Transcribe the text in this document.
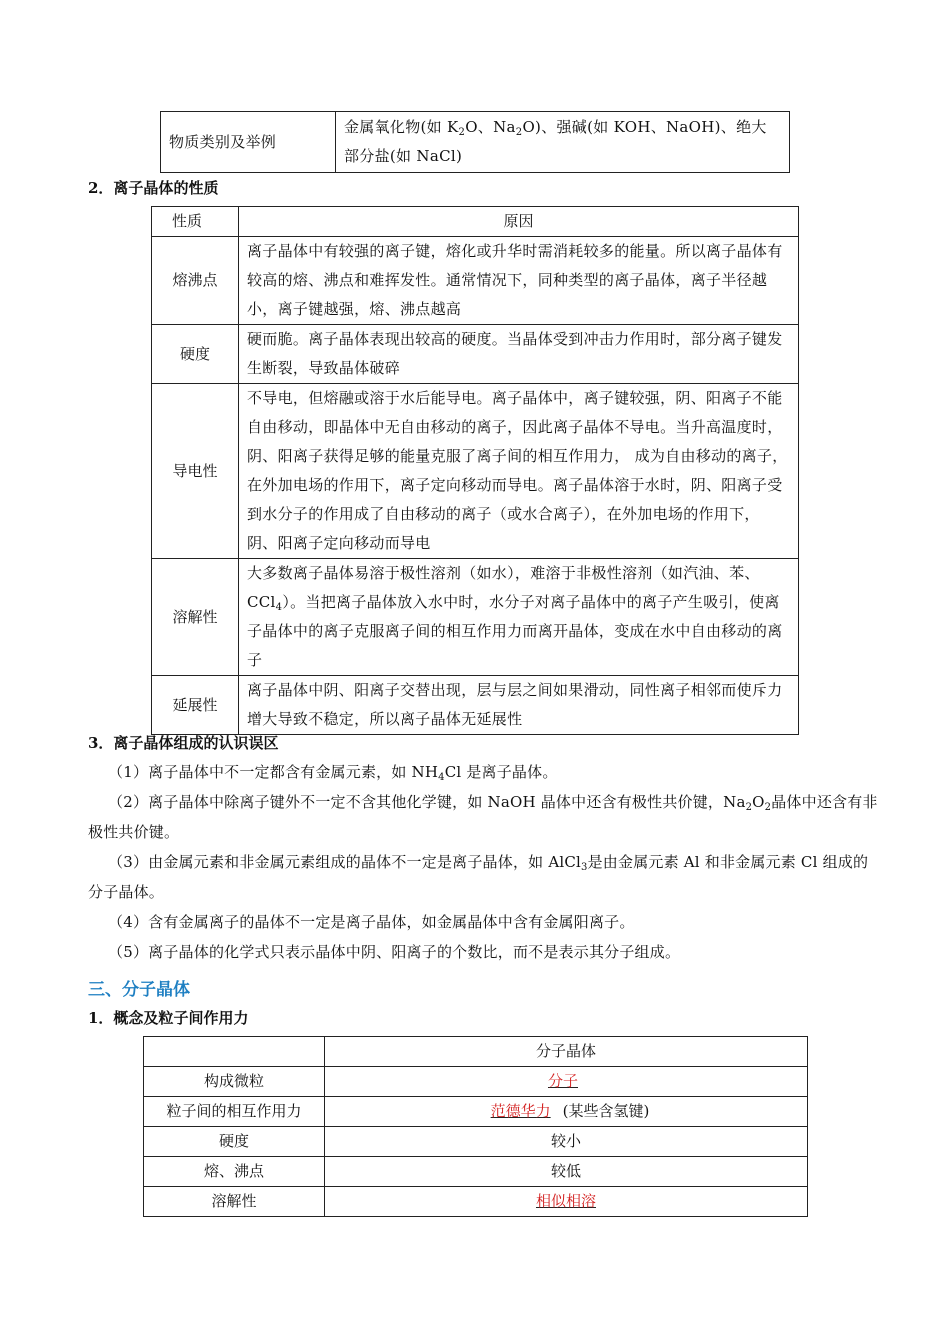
物质类别及举例	金属氧化物(如 $K_2O$、$Na_2O$)、强碱(如 KOH、NaOH)、绝大部分盐(如 NaCl)
2．离子晶体的性质
性质	原因
熔沸点	离子晶体中有较强的离子键，熔化或升华时需消耗较多的能量。所以离子晶体有较高的熔、沸点和难挥发性。通常情况下，同种类型的离子晶体，离子半径越小，离子键越强，熔、沸点越高
硬度	硬而脆。离子晶体表现出较高的硬度。当晶体受到冲击力作用时，部分离子键发生断裂，导致晶体破碎
导电性	不导电，但熔融或溶于水后能导电。离子晶体中，离子键较强，阴、阳离子不能自由移动，即晶体中无自由移动的离子，因此离子晶体不导电。当升高温度时，阴、阳离子获得足够的能量克服了离子间的相互作用力， 成为自由移动的离子，在外加电场的作用下，离子定向移动而导电。离子晶体溶于水时，阴、阳离子受到水分子的作用成了自由移动的离子（或水合离子），在外加电场的作用下，阴、阳离子定向移动而导电
溶解性	大多数离子晶体易溶于极性溶剂（如水），难溶于非极性溶剂（如汽油、苯、CCl$_4$）。当把离子晶体放入水中时，水分子对离子晶体中的离子产生吸引，使离子晶体中的离子克服离子间的相互作用力而离开晶体，变成在水中自由移动的离子
延展性	离子晶体中阴、阳离子交替出现，层与层之间如果滑动，同性离子相邻而使斥力增大导致不稳定，所以离子晶体无延展性
3．离子晶体组成的认识误区
（1）离子晶体中不一定都含有金属元素，如 $NH_4Cl$ 是离子晶体。
（2）离子晶体中除离子键外不一定不含其他化学键，如 NaOH 晶体中还含有极性共价键，$Na_2O_2$晶体中还含有非极性共价键。
（3）由金属元素和非金属元素组成的晶体不一定是离子晶体，如 AlCl$_3$是由金属元素 Al 和非金属元素 Cl 组成的分子晶体。
（4）含有金属离子的晶体不一定是离子晶体，如金属晶体中含有金属阳离子。
（5）离子晶体的化学式只表示晶体中阴、阳离子的个数比，而不是表示其分子组成。
三、分子晶体
1．概念及粒子间作用力
	分子晶体
构成微粒	分子
粒子间的相互作用力	范德华力 (某些含氢键)
硬度	较小
熔、沸点	较低
溶解性	相似相溶
